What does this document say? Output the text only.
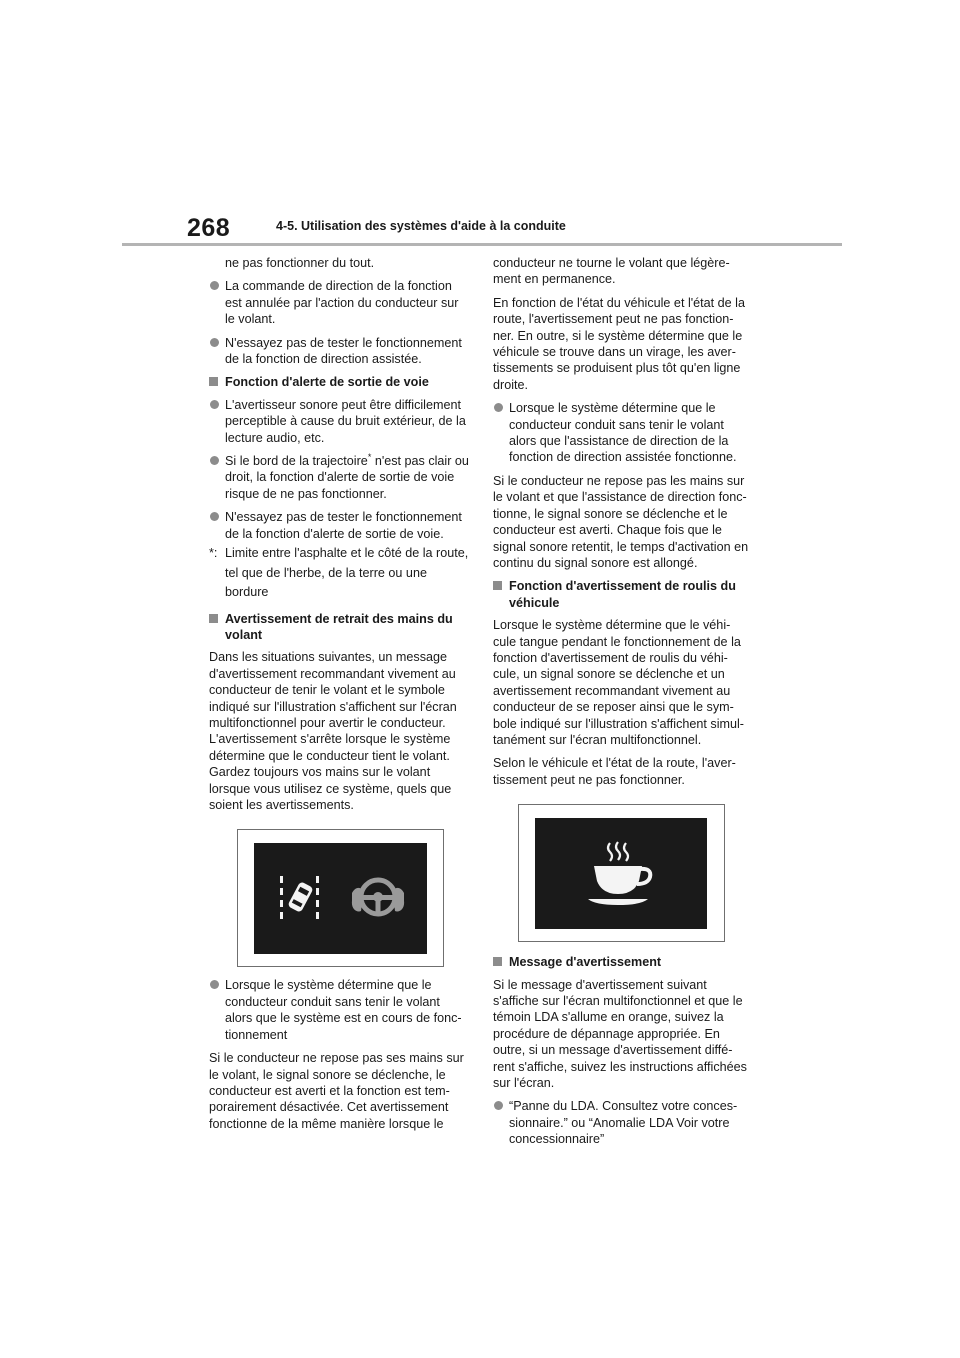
268	4-5. Utilisation des systèmes d'aide à la conduite

ne pas fonctionner du tout.

La commande de direction de la fonction est annulée par l'action du conducteur sur le volant.
N'essayez pas de tester le fonctionnement de la fonction de direction assistée.
Fonction d'alerte de sortie de voie
L'avertisseur sonore peut être difficilement perceptible à cause du bruit extérieur, de la lecture audio, etc.
Si le bord de la trajectoire* n'est pas clair ou droit, la fonction d'alerte de sortie de voie risque de ne pas fonctionner.
N'essayez pas de tester le fonctionnement de la fonction d'alerte de sortie de voie.
*: Limite entre l'asphalte et le côté de la route, tel que de l'herbe, de la terre ou une bordure
Avertissement de retrait des mains du volant

Dans les situations suivantes, un message d'avertissement recommandant vivement au conducteur de tenir le volant et le symbole indiqué sur l'illustration s'affichent sur l'écran multifonctionnel pour avertir le conducteur. L'avertissement s'arrête lorsque le système détermine que le conducteur tient le volant. Gardez toujours vos mains sur le volant lorsque vous utilisez ce système, quels que soient les avertissements.

Lorsque le système détermine que le conducteur conduit sans tenir le volant alors que le système est en cours de fonc-tionnement

Si le conducteur ne repose pas ses mains sur le volant, le signal sonore se déclenche, le conducteur est averti et la fonction est tem-porairement désactivée. Cet avertissement fonctionne de la même manière lorsque le

conducteur ne tourne le volant que légère-ment en permanence.

En fonction de l'état du véhicule et l'état de la route, l'avertissement peut ne pas fonction-ner. En outre, si le système détermine que le véhicule se trouve dans un virage, les aver-tissements se produisent plus tôt qu'en ligne droite.

Lorsque le système détermine que le conducteur conduit sans tenir le volant alors que l'assistance de direction de la fonction de direction assistée fonctionne.

Si le conducteur ne repose pas les mains sur le volant et que l'assistance de direction fonc-tionne, le signal sonore se déclenche et le conducteur est averti. Chaque fois que le signal sonore retentit, le temps d'activation en continu du signal sonore est allongé.

Fonction d'avertissement de roulis du véhicule

Lorsque le système détermine que le véhi-cule tangue pendant le fonctionnement de la fonction d'avertissement de roulis du véhi-cule, un signal sonore se déclenche et un avertissement recommandant vivement au conducteur de se reposer ainsi que le sym-bole indiqué sur l'illustration s'affichent simul-tanément sur l'écran multifonctionnel.

Selon le véhicule et l'état de la route, l'aver-tissement peut ne pas fonctionner.

Message d'avertissement

Si le message d'avertissement suivant s'affiche sur l'écran multifonctionnel et que le témoin LDA s'allume en orange, suivez la procédure de dépannage appropriée. En outre, si un message d'avertissement diffé-rent s'affiche, suivez les instructions affichées sur l'écran.

“Panne du LDA. Consultez votre conces-sionnaire.” ou “Anomalie LDA Voir votre concessionnaire”
